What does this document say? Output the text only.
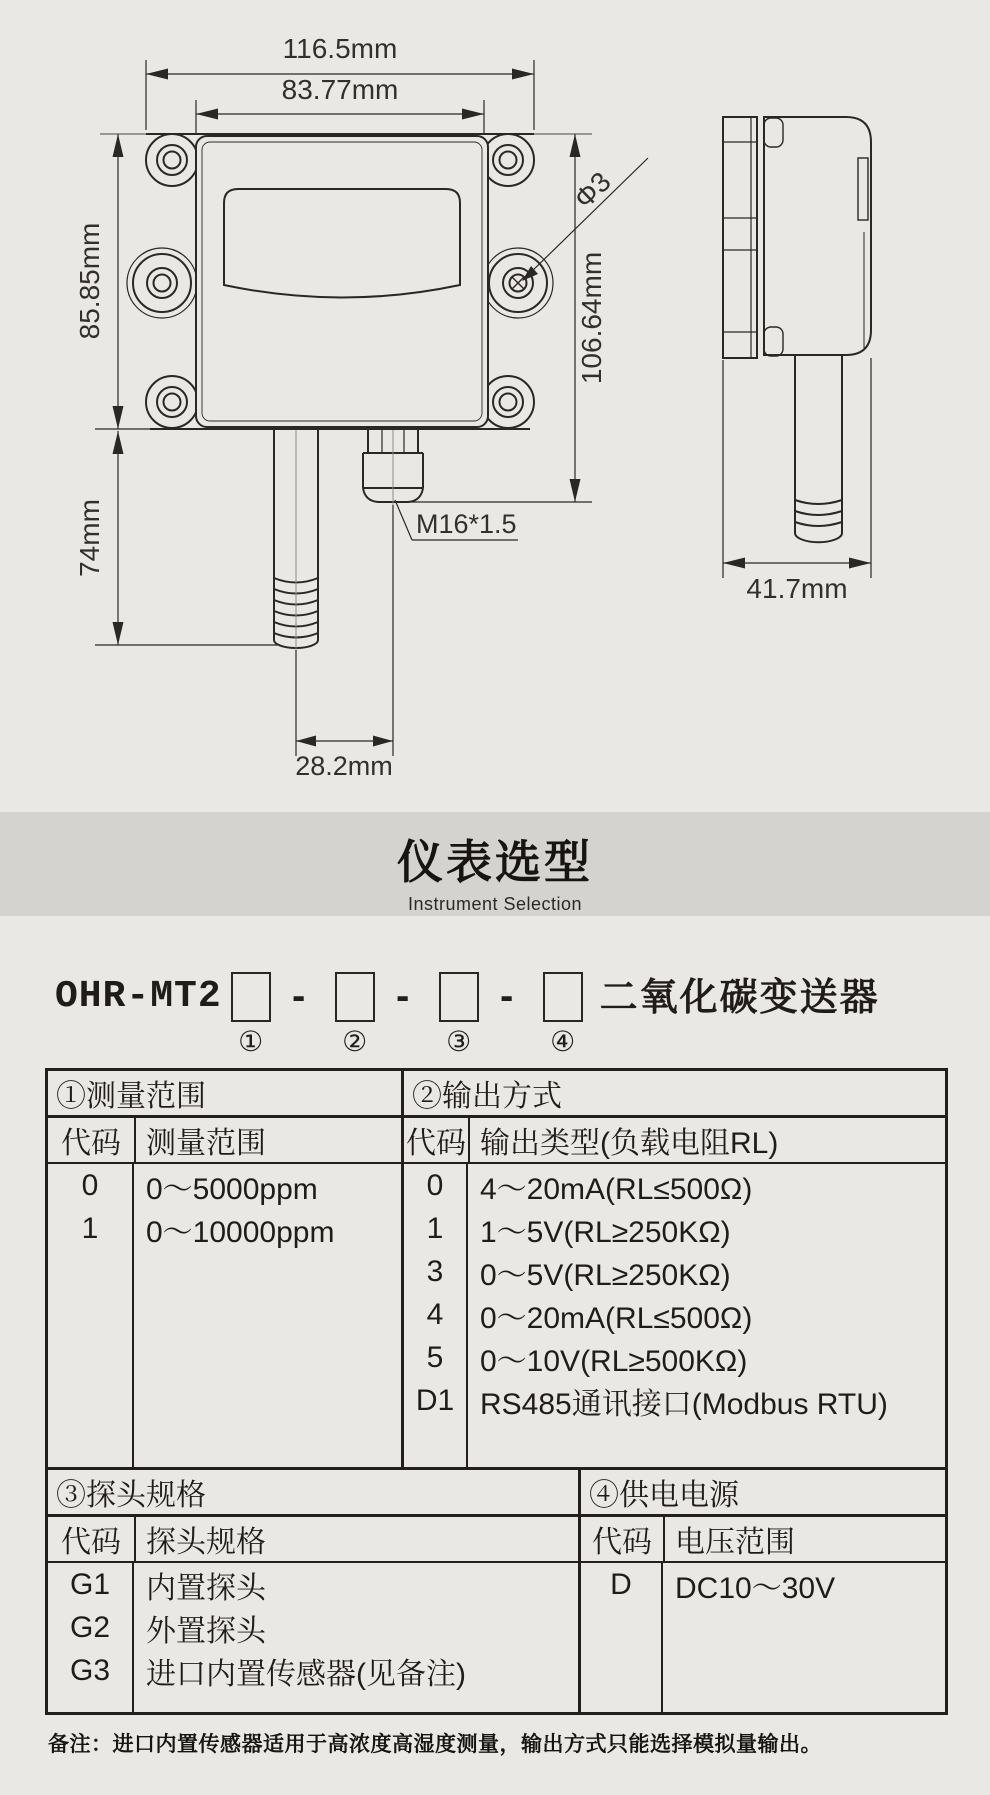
116.5mm
83.77mm
85.85mm
74mm
106.64mm
Φ3
M16*1.5
28.2mm
41.7mm
仪表选型

Instrument Selection

OHR-MT2
①
-
②
-
③
-
④
二氧化碳变送器
①测量范围
代码 测量范围
0
1
0～5000ppm
0～10000ppm
②输出方式
代码 输出类型(负载电阻RL)
0
1
3
4
5
D1
4～20mA(RL≤500Ω)
1～5V(RL≥250KΩ)
0～5V(RL≥250KΩ)
0～20mA(RL≤500Ω)
0～10V(RL≥500KΩ)
RS485通讯接口(Modbus RTU)
③探头规格
代码 探头规格
G1
G2
G3
内置探头
外置探头
进口内置传感器(见备注)
④供电电源
代码 电压范围
D	DC10～30V
备注：进口内置传感器适用于高浓度高湿度测量，输出方式只能选择模拟量输出。
